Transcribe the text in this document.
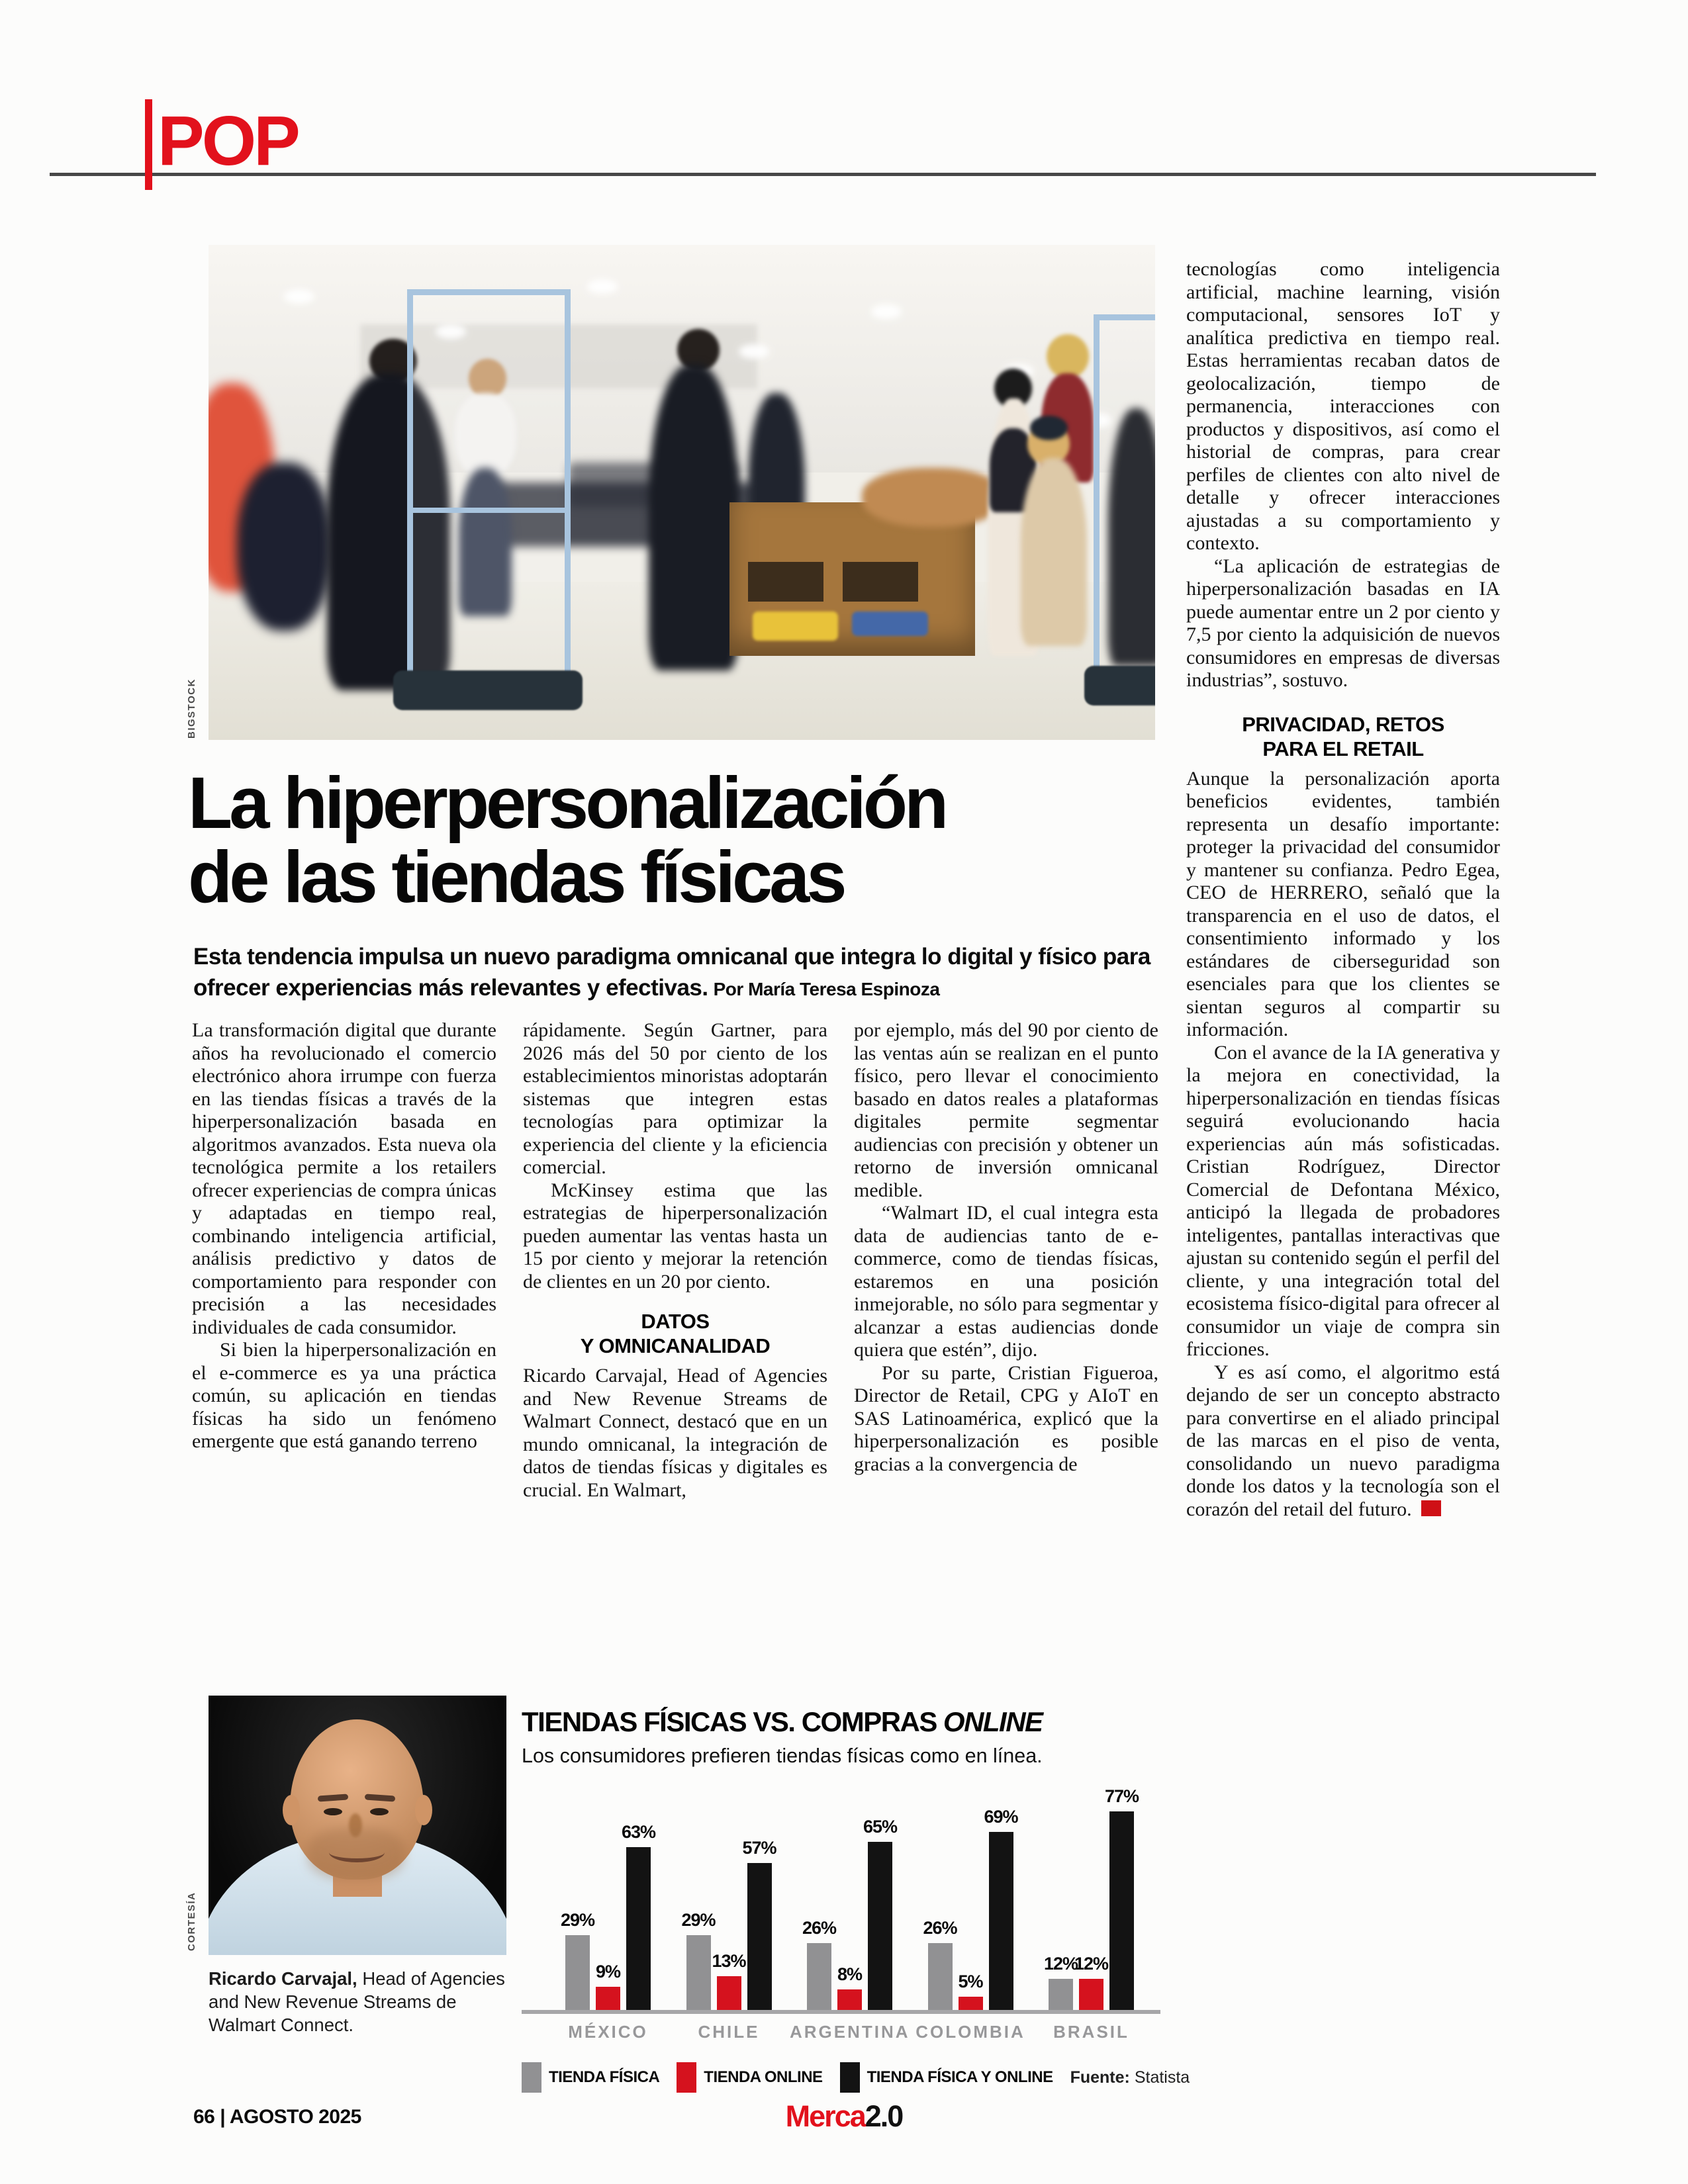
POP
BIGSTOCK
La hiperpersonalización
de las tiendas físicas
Esta tendencia impulsa un nuevo paradigma omnicanal que integra lo digital y físico para ofrecer experiencias más relevantes y efectivas. Por María Teresa Espinoza

La transformación digital que durante años ha revolucionado el comercio electrónico ahora irrumpe con fuerza en las tiendas físicas a través de la hiperpersonalización basada en algoritmos avanzados. Esta nueva ola tecnológica permite a los retailers ofrecer experiencias de compra únicas y adaptadas en tiempo real, combinando inteligencia artificial, análisis predictivo y datos de comportamiento para responder con precisión a las necesidades individuales de cada consumidor.

Si bien la hiperpersonalización en el e-commerce es ya una práctica común, su aplicación en tiendas físicas ha sido un fenómeno emergente que está ganando terreno

rápidamente. Según Gartner, para 2026 más del 50 por ciento de los establecimientos minoristas adoptarán sistemas que integren estas tecnologías para optimizar la experiencia del cliente y la eficiencia comercial.

McKinsey estima que las estrategias de hiperpersonalización pueden aumentar las ventas hasta un 15 por ciento y mejorar la retención de clientes en un 20 por ciento.

DATOS
Y OMNICANALIDAD

Ricardo Carvajal, Head of Agencies and New Revenue Streams de Walmart Connect, destacó que en un mundo omnicanal, la integración de datos de tiendas físicas y digitales es crucial. En Walmart,

por ejemplo, más del 90 por ciento de las ventas aún se realizan en el punto físico, pero llevar el conocimiento basado en datos reales a plataformas digitales permite segmentar audiencias con precisión y obtener un retorno de inversión omnicanal medible.

“Walmart ID, el cual integra esta data de audiencias tanto de e-commerce, como de tiendas físicas, estaremos en una posición inmejorable, no sólo para segmentar y alcanzar a estas audiencias donde quiera que estén”, dijo.

Por su parte, Cristian Figueroa, Director de Retail, CPG y AIoT en SAS Latinoamérica, explicó que la hiperpersonalización es posible gracias a la convergencia de

tecnologías como inteligencia artificial, machine learning, visión computacional, sensores IoT y analítica predictiva en tiempo real. Estas herramientas recaban datos de geolocalización, tiempo de permanencia, interacciones con productos y dispositivos, así como el historial de compras, para crear perfiles de clientes con alto nivel de detalle y ofrecer interacciones ajustadas a su comportamiento y contexto.

“La aplicación de estrategias de hiperpersonalización basadas en IA puede aumentar entre un 2 por ciento y 7,5 por ciento la adquisición de nuevos consumidores en empresas de diversas industrias”, sostuvo.

PRIVACIDAD, RETOS
PARA EL RETAIL

Aunque la personalización aporta beneficios evidentes, también representa un desafío importante: proteger la privacidad del consumidor y mantener su confianza. Pedro Egea, CEO de HERRERO, señaló que la transparencia en el uso de datos, el consentimiento informado y los estándares de ciberseguridad son esenciales para que los clientes se sientan seguros al compartir su información.

Con el avance de la IA generativa y la mejora en conectividad, la hiperpersonalización en tiendas físicas seguirá evolucionando hacia experiencias aún más sofisticadas. Cristian Rodríguez, Director Comercial de Defontana México, anticipó la llegada de probadores inteligentes, pantallas interactivas que ajustan su contenido según el perfil del cliente, y una integración total del ecosistema físico-digital para ofrecer al consumidor un viaje de compra sin fricciones.

Y es así como, el algoritmo está dejando de ser un concepto abstracto para convertirse en el aliado principal de las marcas en el piso de venta, consolidando un nuevo paradigma donde los datos y la tecnología son el corazón del retail del futuro.

CORTESÍA
Ricardo Carvajal, Head of Agencies and New Revenue Streams de Walmart Connect.
TIENDAS FÍSICAS VS. COMPRAS ONLINE
Los consumidores prefieren tiendas físicas como en línea.
29%
9%
63%
29%
13%
57%
26%
8%
65%
26%
5%
69%
12%
12%
77%
MÉXICO	CHILE	ARGENTINA COLOMBIA	BRASIL
TIENDA FÍSICA	TIENDA ONLINE	TIENDA FÍSICA Y ONLINE Fuente: Statista
66 | AGOSTO 2025	Merca2.0
